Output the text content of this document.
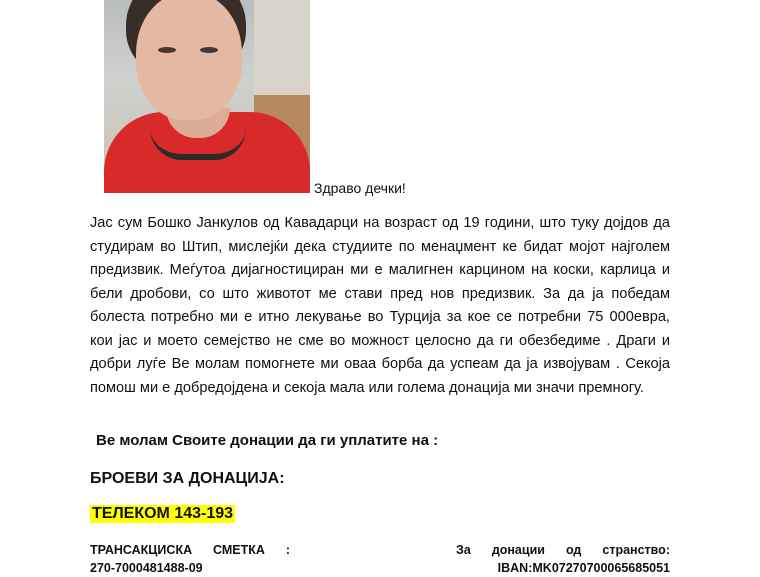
Здраво дечки!

Јас сум Бошко Јанкулов од Кавадарци на возраст од 19 години, што туку дојдов да студирам во Штип, мислејќи дека студиите по менаџмент ке бидат мојот најголем предизвик. Меѓутоа дијагностициран ми е малигнен карцином на коски, карлица и бели дробови, со што животот ме стави пред нов предизвик. За да ја победам болеста потребно ми е итно лекување во Турција за кое се потребни 75 000евра, кои јас и моето семејство не сме во можност целосно да ги обезбедиме . Драги и добри луѓе Ве молам помогнете ми оваа борба да успеам да ја извојувам . Секоја помош ми е добредојдена и секоја мала или голема донација ми значи премногу.

Ве молам Своите донации да ги уплатите на :
БРОЕВИ ЗА ДОНАЦИЈА:
ТЕЛЕКОМ 143-193
ТРАНСАКЦИСКА СМЕТКА :
270-7000481488-09
За донации од странство:
IBAN:MK07270700065685051
